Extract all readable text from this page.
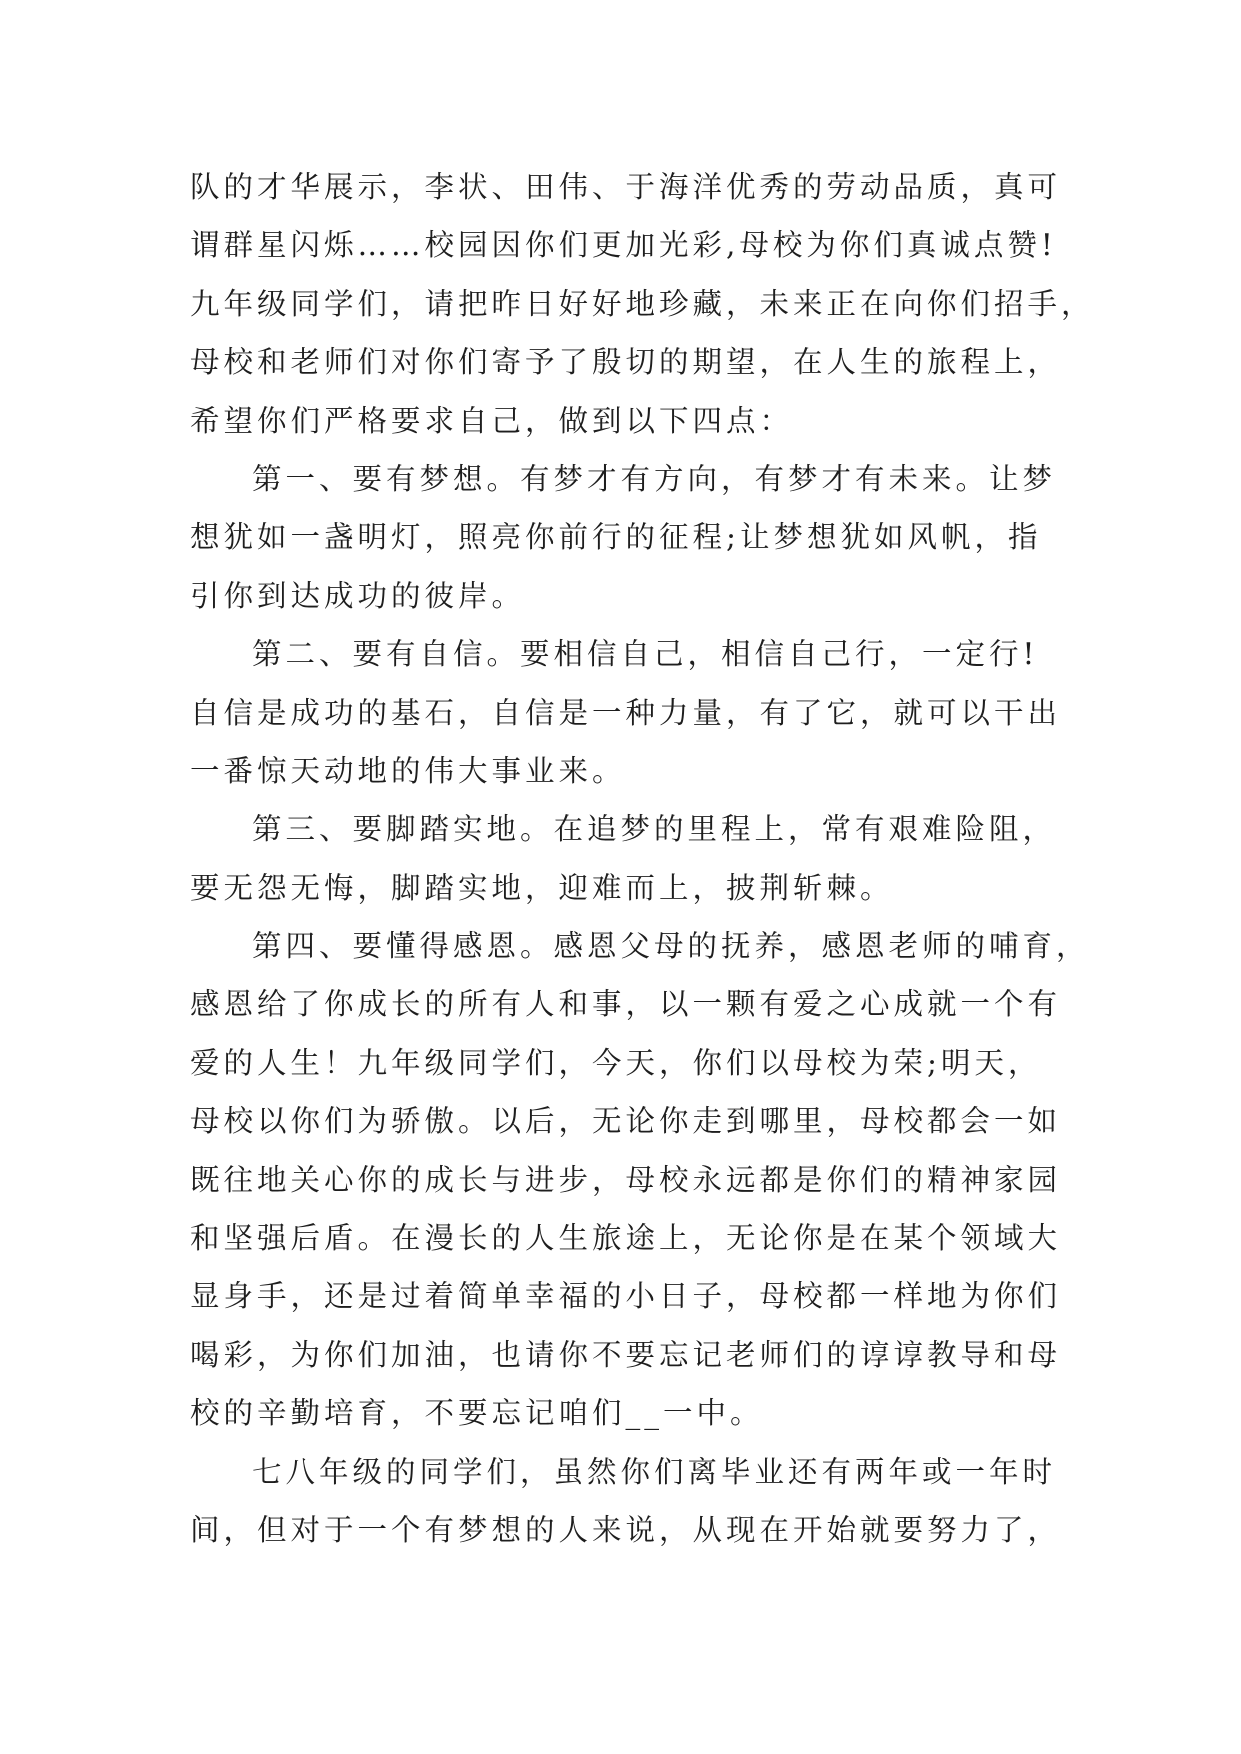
队的才华展示，李状、田伟、于海洋优秀的劳动品质，真可
谓群星闪烁……校园因你们更加光彩,母校为你们真诚点赞!
九年级同学们，请把昨日好好地珍藏，未来正在向你们招手，
母校和老师们对你们寄予了殷切的期望，在人生的旅程上，
希望你们严格要求自己，做到以下四点：
第一、要有梦想。有梦才有方向，有梦才有未来。让梦
想犹如一盏明灯，照亮你前行的征程;让梦想犹如风帆，指
引你到达成功的彼岸。
第二、要有自信。要相信自己，相信自己行，一定行!
自信是成功的基石，自信是一种力量，有了它，就可以干出
一番惊天动地的伟大事业来。
第三、要脚踏实地。在追梦的里程上，常有艰难险阻，
要无怨无悔，脚踏实地，迎难而上，披荆斩棘。
第四、要懂得感恩。感恩父母的抚养，感恩老师的哺育，
感恩给了你成长的所有人和事，以一颗有爱之心成就一个有
爱的人生！九年级同学们，今天，你们以母校为荣;明天，
母校以你们为骄傲。以后，无论你走到哪里，母校都会一如
既往地关心你的成长与进步，母校永远都是你们的精神家园
和坚强后盾。在漫长的人生旅途上，无论你是在某个领域大
显身手，还是过着简单幸福的小日子，母校都一样地为你们
喝彩，为你们加油，也请你不要忘记老师们的谆谆教导和母
校的辛勤培育，不要忘记咱们__一中。
七八年级的同学们，虽然你们离毕业还有两年或一年时
间，但对于一个有梦想的人来说，从现在开始就要努力了，
